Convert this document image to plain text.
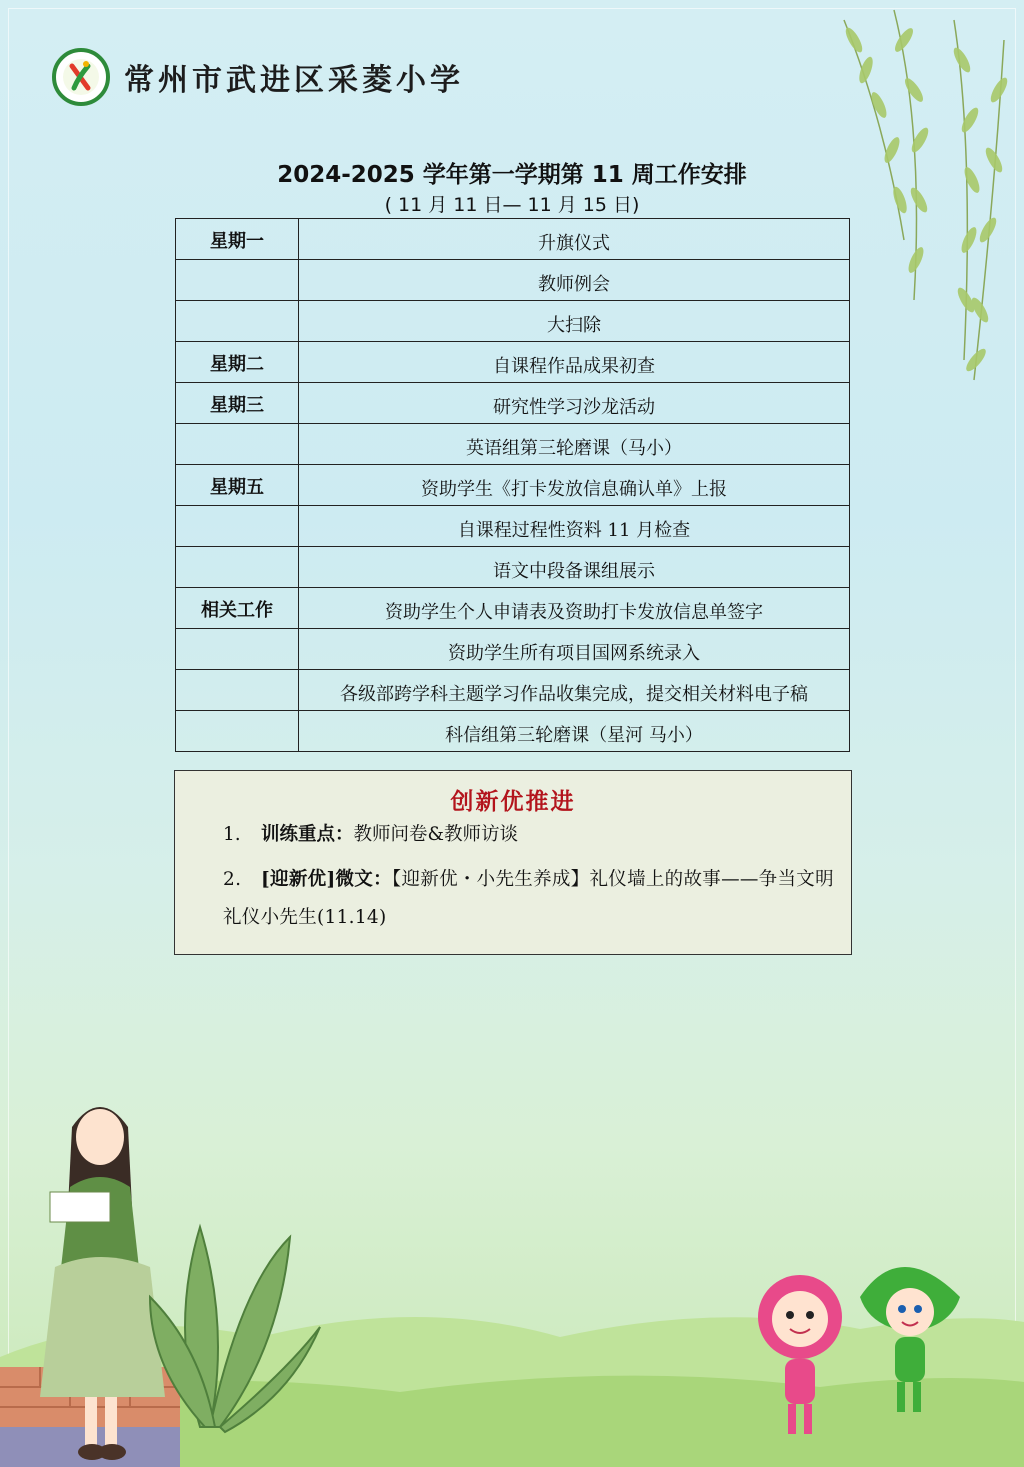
常州市武进区采菱小学
2024-2025 学年第一学期第 11 周工作安排
( 11 月 11 日— 11 月 15 日)
星期一	升旗仪式
	教师例会
	大扫除
星期二	自课程作品成果初查
星期三	研究性学习沙龙活动
	英语组第三轮磨课（马小）
星期五	资助学生《打卡发放信息确认单》上报
	自课程过程性资料 11 月检查
	语文中段备课组展示
相关工作	资助学生个人申请表及资助打卡发放信息单签字
	资助学生所有项目国网系统录入
	各级部跨学科主题学习作品收集完成，提交相关材料电子稿
	科信组第三轮磨课（星河 马小）
创新优推进
1. 训练重点：教师问卷&教师访谈
2. [迎新优]微文：【迎新优・小先生养成】礼仪墙上的故事——争当文明礼仪小先生(11.14)
